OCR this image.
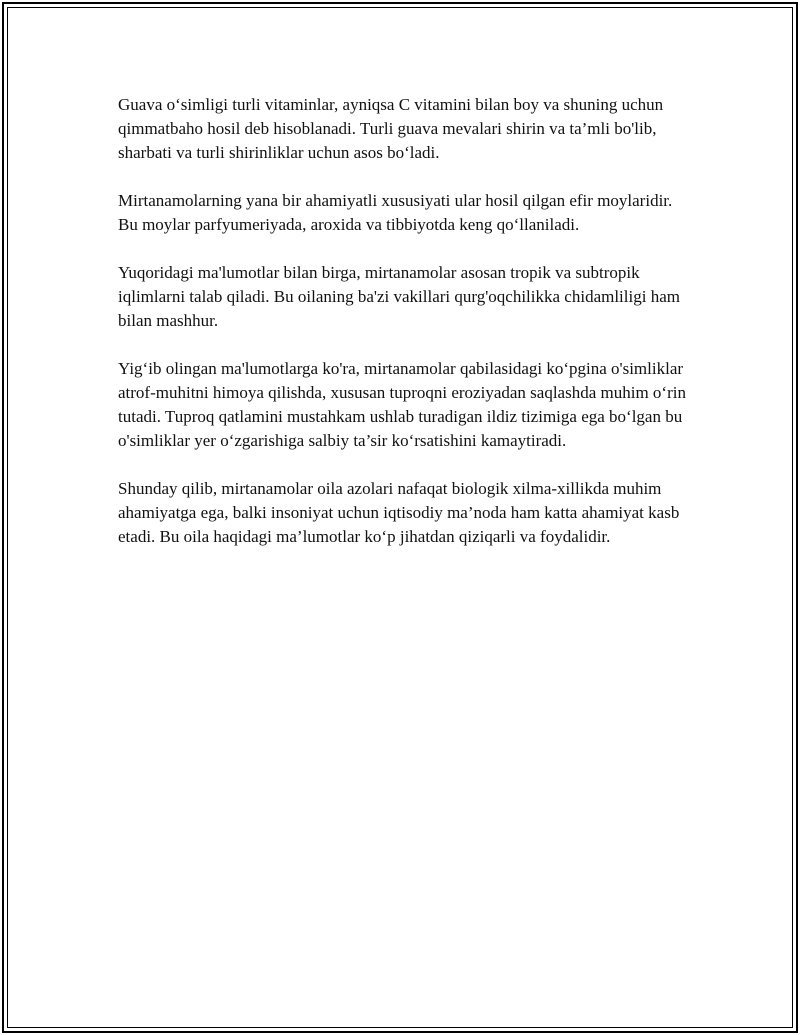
Guava o‘simligi turli vitaminlar, ayniqsa C vitamini bilan boy va shuning uchun qimmatbaho hosil deb hisoblanadi. Turli guava mevalari shirin va ta’mli bo'lib, sharbati va turli shirinliklar uchun asos bo‘ladi.

Mirtanamolarning yana bir ahamiyatli xususiyati ular hosil qilgan efir moylaridir. Bu moylar parfyumeriyada, aroxida va tibbiyotda keng qo‘llaniladi.

Yuqoridagi ma'lumotlar bilan birga, mirtanamolar asosan tropik va subtropik iqlimlarni talab qiladi. Bu oilaning ba'zi vakillari qurg'oqchilikka chidamliligi ham bilan mashhur.

Yig‘ib olingan ma'lumotlarga ko'ra, mirtanamolar qabilasidagi ko‘pgina o'simliklar atrof-muhitni himoya qilishda, xususan tuproqni eroziyadan saqlashda muhim o‘rin tutadi. Tuproq qatlamini mustahkam ushlab turadigan ildiz tizimiga ega bo‘lgan bu o'simliklar yer o‘zgarishiga salbiy ta’sir ko‘rsatishini kamaytiradi.

Shunday qilib, mirtanamolar oila azolari nafaqat biologik xilma-xillikda muhim ahamiyatga ega, balki insoniyat uchun iqtisodiy ma’noda ham katta ahamiyat kasb etadi. Bu oila haqidagi ma’lumotlar ko‘p jihatdan qiziqarli va foydalidir.
